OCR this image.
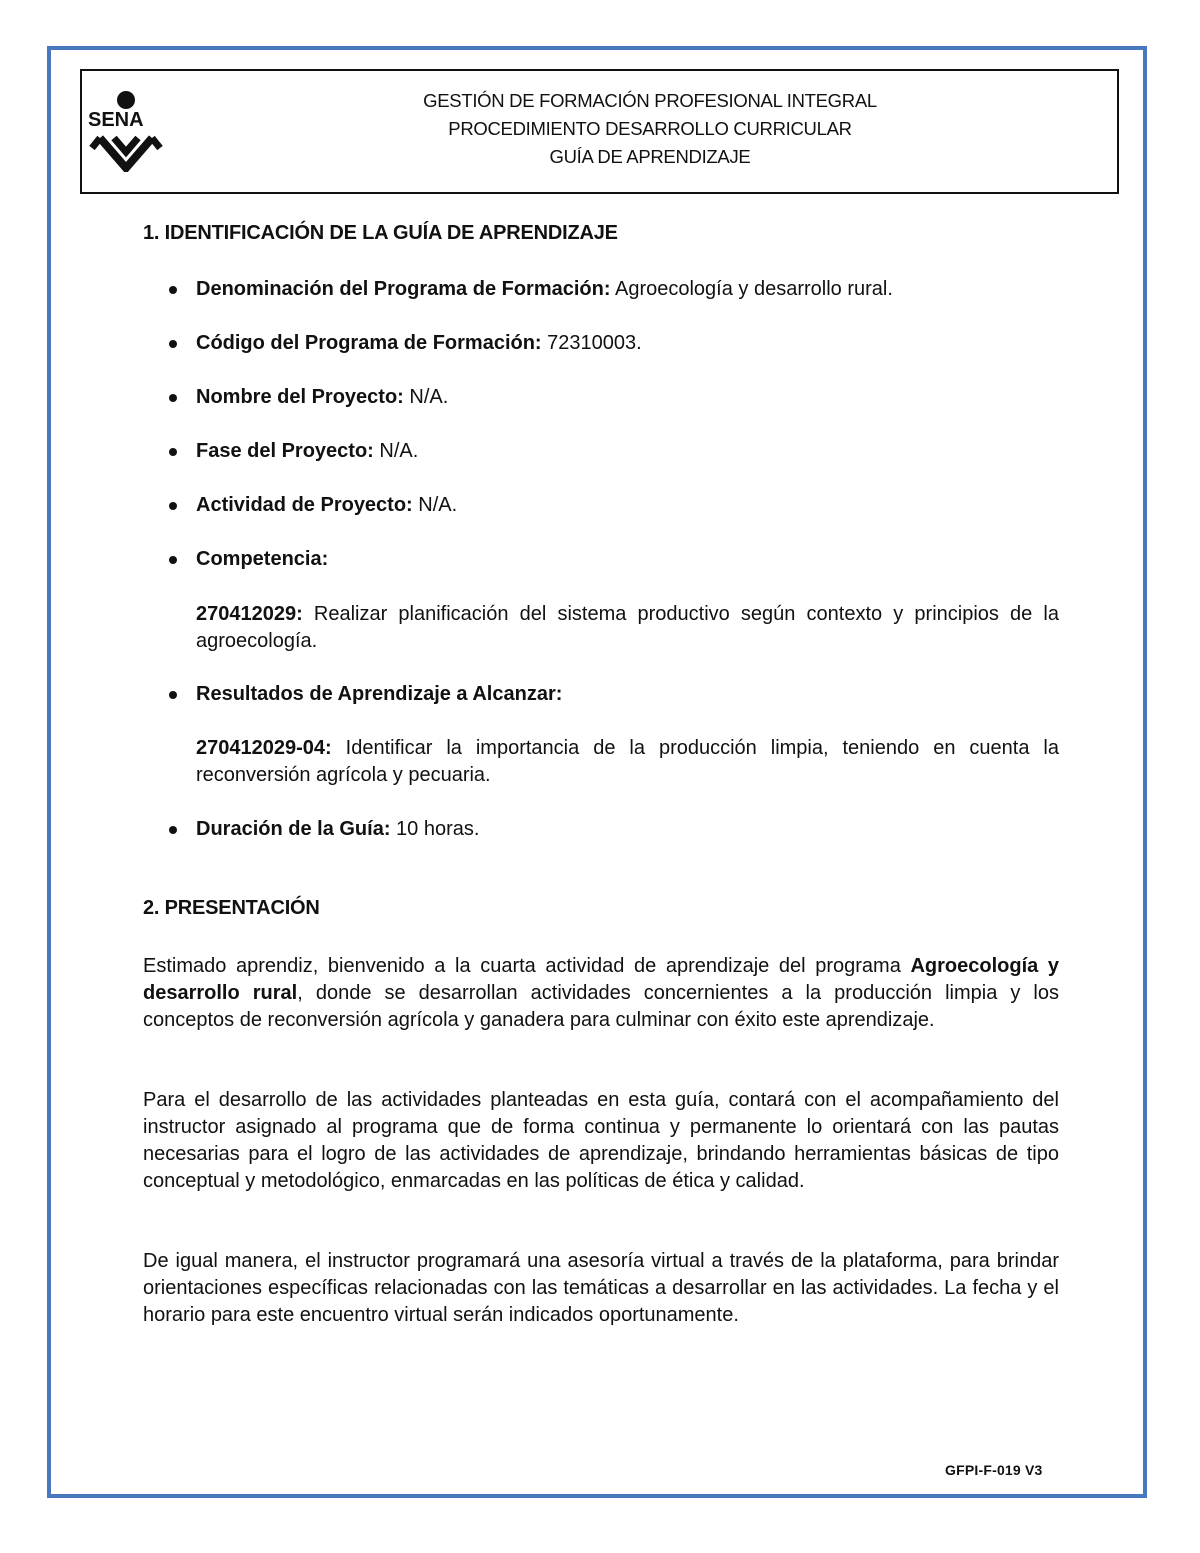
SENA
GESTIÓN DE FORMACIÓN PROFESIONAL INTEGRAL
PROCEDIMIENTO DESARROLLO CURRICULAR
GUÍA DE APRENDIZAJE
1. IDENTIFICACIÓN DE LA GUÍA DE APRENDIZAJE
Denominación del Programa de Formación: Agroecología y desarrollo rural.
Código del Programa de Formación: 72310003.
Nombre del Proyecto: N/A.
Fase del Proyecto: N/A.
Actividad de Proyecto: N/A.
Competencia:
270412029: Realizar planificación del sistema productivo según contexto y principios de la agroecología.
Resultados de Aprendizaje a Alcanzar:
270412029-04: Identificar la importancia de la producción limpia, teniendo en cuenta la reconversión agrícola y pecuaria.
Duración de la Guía: 10 horas.
2. PRESENTACIÓN
Estimado aprendiz, bienvenido a la cuarta actividad de aprendizaje del programa Agroecología y desarrollo rural, donde se desarrollan actividades concernientes a la producción limpia y los conceptos de reconversión agrícola y ganadera para culminar con éxito este aprendizaje.
Para el desarrollo de las actividades planteadas en esta guía, contará con el acompañamiento del instructor asignado al programa que de forma continua y permanente lo orientará con las pautas necesarias para el logro de las actividades de aprendizaje, brindando herramientas básicas de tipo conceptual y metodológico, enmarcadas en las políticas de ética y calidad.
De igual manera, el instructor programará una asesoría virtual a través de la plataforma, para brindar orientaciones específicas relacionadas con las temáticas a desarrollar en las actividades. La fecha y el horario para este encuentro virtual serán indicados oportunamente.
GFPI-F-019 V3
